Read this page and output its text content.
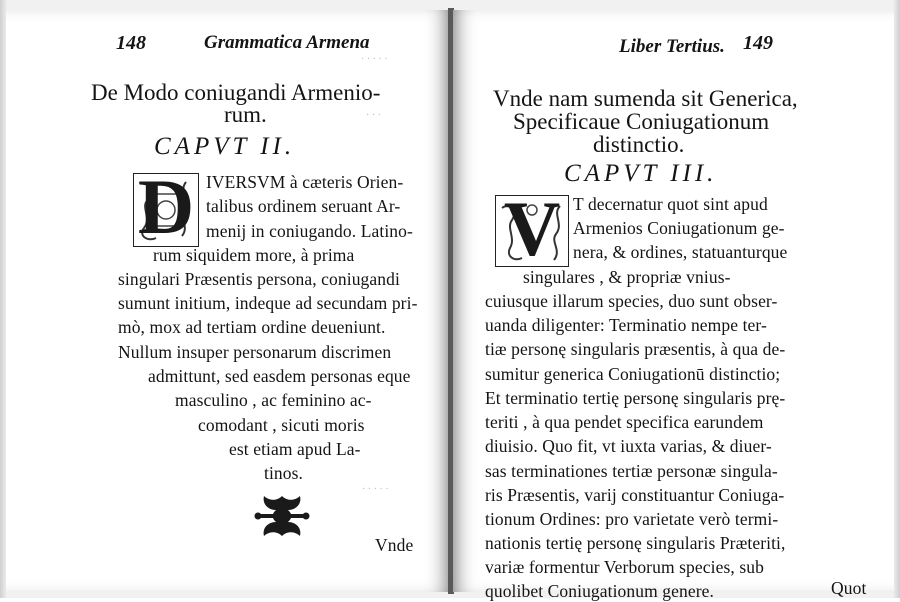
148	Grammatica Armena
· · · · ·
· · ·
De Modo coniugandi Armenio-
rum.
CAPVT II.
D IVERSVM à cæteris Orien-
talibus ordinem seruant Ar-
menij in coniugando. Latino-
rum siquidem more, à prima
singulari Præsentis persona, coniugandi
sumunt initium, indeque ad secundam pri-
mò, mox ad tertiam ordine deueniunt.
Nullum insuper personarum discrimen
admittunt, sed easdem personas eque
masculino , ac feminino ac-
comodant , sicuti moris
est etiam apud La-
tinos.
· · · · ·
Vnde
Liber Tertius. 149
Vnde nam sumenda sit Generica,
Specificaue Coniugationum
distinctio.
CAPVT III.
V T decernatur quot sint apud
Armenios Coniugationum ge-
nera, & ordines, statuanturque
singulares , & propriæ vnius-
cuiusque illarum species, duo sunt obser-
uanda diligenter: Terminatio nempe ter-
tiæ personę singularis præsentis, à qua de-
sumitur generica Coniugationū distinctio;
Et terminatio tertię personę singularis prę-
teriti , à qua pendet specifica earundem
diuisio. Quo fit, vt iuxta varias, & diuer-
sas terminationes tertiæ personæ singula-
ris Præsentis, varij constituantur Coniuga-
tionum Ordines: pro varietate verò termi-
nationis tertię personę singularis Præteriti,
variæ formentur Verborum species, sub
quolibet Coniugationum genere.	Quot
